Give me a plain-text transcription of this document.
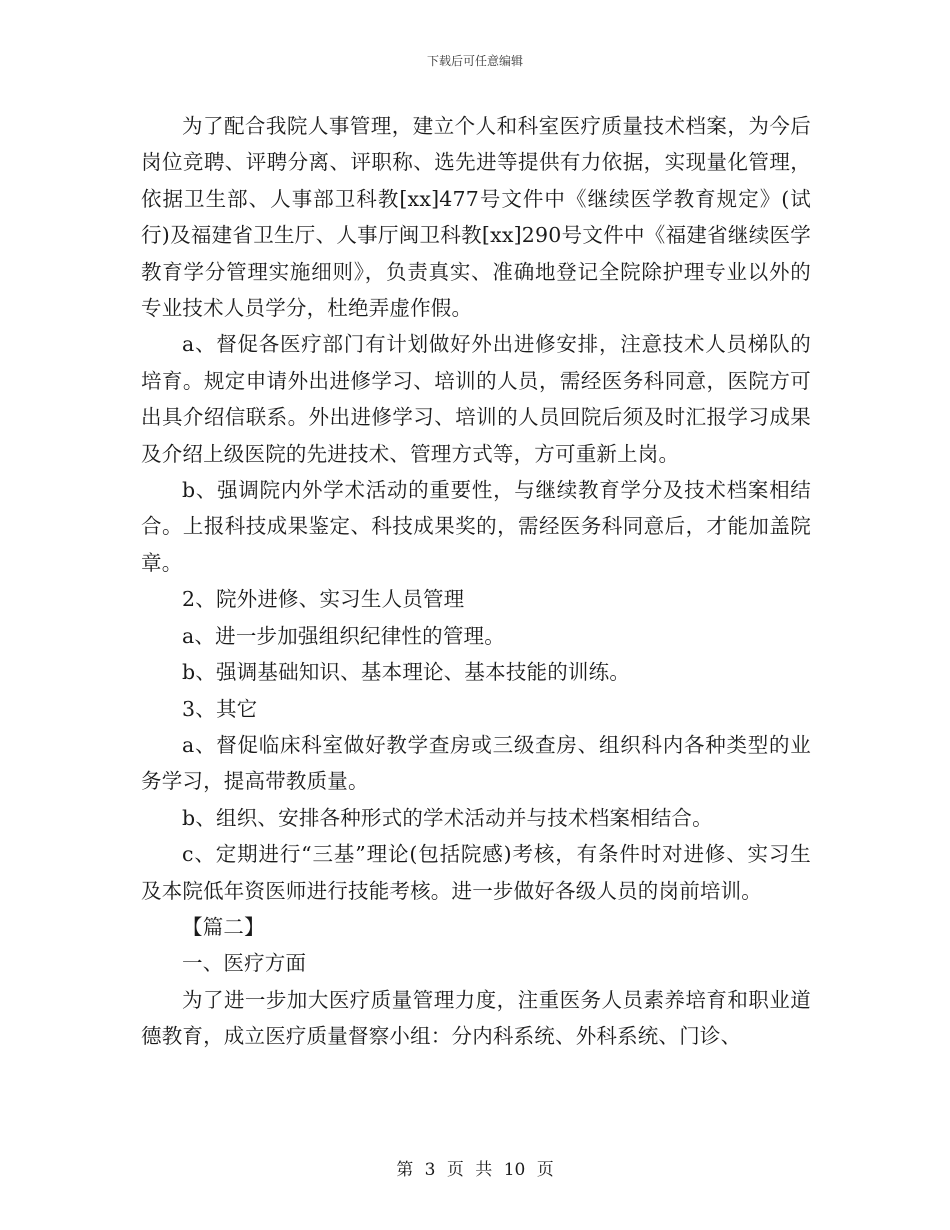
下载后可任意编辑

为了配合我院人事管理，建立个人和科室医疗质量技术档案，为今后岗位竞聘、评聘分离、评职称、选先进等提供有力依据，实现量化管理，依据卫生部、人事部卫科教[xx]477号文件中《继续医学教育规定》(试行)及福建省卫生厅、人事厅闽卫科教[xx]290号文件中《福建省继续医学教育学分管理实施细则》，负责真实、准确地登记全院除护理专业以外的专业技术人员学分，杜绝弄虚作假。

a、督促各医疗部门有计划做好外出进修安排，注意技术人员梯队的培育。规定申请外出进修学习、培训的人员，需经医务科同意，医院方可出具介绍信联系。外出进修学习、培训的人员回院后须及时汇报学习成果及介绍上级医院的先进技术、管理方式等，方可重新上岗。

b、强调院内外学术活动的重要性，与继续教育学分及技术档案相结合。上报科技成果鉴定、科技成果奖的，需经医务科同意后，才能加盖院章。

2、院外进修、实习生人员管理

a、进一步加强组织纪律性的管理。

b、强调基础知识、基本理论、基本技能的训练。

3、其它

a、督促临床科室做好教学查房或三级查房、组织科内各种类型的业务学习，提高带教质量。

b、组织、安排各种形式的学术活动并与技术档案相结合。

c、定期进行“三基”理论(包括院感)考核，有条件时对进修、实习生及本院低年资医师进行技能考核。进一步做好各级人员的岗前培训。

【篇二】

一、医疗方面

为了进一步加大医疗质量管理力度，注重医务人员素养培育和职业道德教育，成立医疗质量督察小组：分内科系统、外科系统、门诊、

第 3 页 共 10 页
